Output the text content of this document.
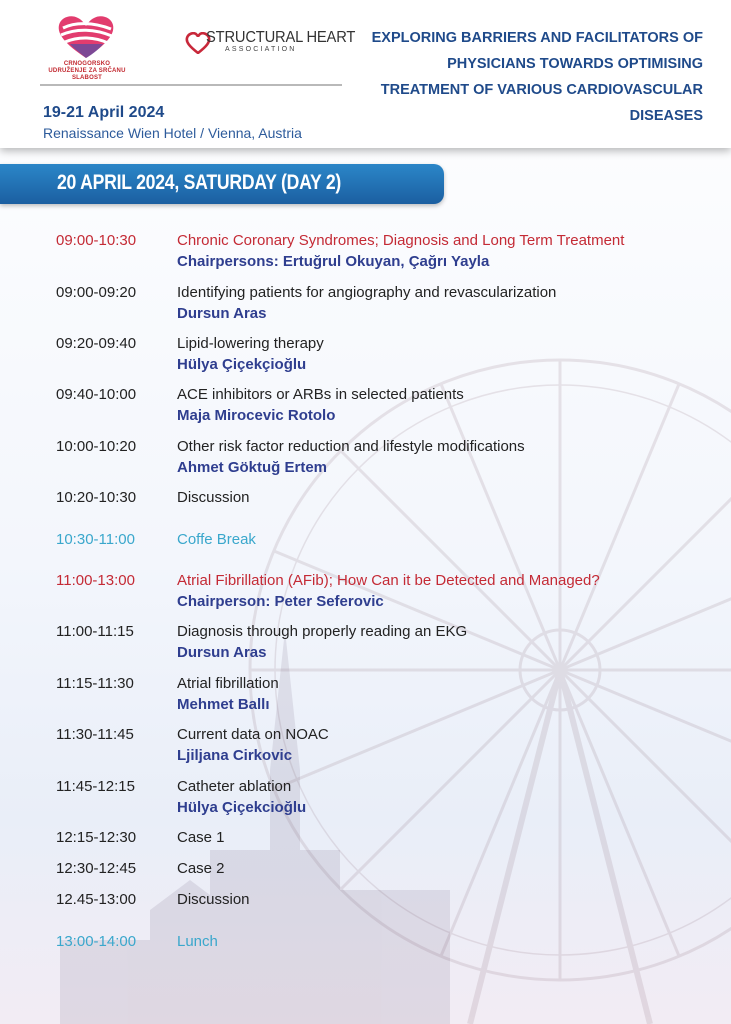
CRNOGORSKO UDRUŽENJE ZA SRČANU SLABOST
STRUCTURAL HEART
ASSOCIATION
19-21 April 2024
Renaissance Wien Hotel / Vienna, Austria
EXPLORING BARRIERS AND FACILITATORS OF
PHYSICIANS TOWARDS OPTIMISING
TREATMENT OF VARIOUS CARDIOVASCULAR
DISEASES
20 APRIL 2024, SATURDAY (DAY 2)
09:00-10:30	Chronic Coronary Syndromes; Diagnosis and Long Term Treatment
Chairpersons: Ertuğrul Okuyan, Çağrı Yayla
09:00-09:20	Identifying patients for angiography and revascularization
Dursun Aras
09:20-09:40	Lipid-lowering therapy
Hülya Çiçekçioğlu
09:40-10:00	ACE inhibitors or ARBs in selected patients
Maja Mirocevic Rotolo
10:00-10:20	Other risk factor reduction and lifestyle modifications
Ahmet Göktuğ Ertem
10:20-10:30	Discussion
10:30-11:00	Coffe Break
11:00-13:00	Atrial Fibrillation (AFib); How Can it be Detected and Managed?
Chairperson: Peter Seferovic
11:00-11:15	Diagnosis through properly reading an EKG
Dursun Aras
11:15-11:30	Atrial fibrillation
Mehmet Ballı
11:30-11:45	Current data on NOAC
Ljiljana Cirkovic
11:45-12:15	Catheter ablation
Hülya Çiçekcioğlu
12:15-12:30	Case 1
12:30-12:45	Case 2
12.45-13:00	Discussion
13:00-14:00	Lunch
